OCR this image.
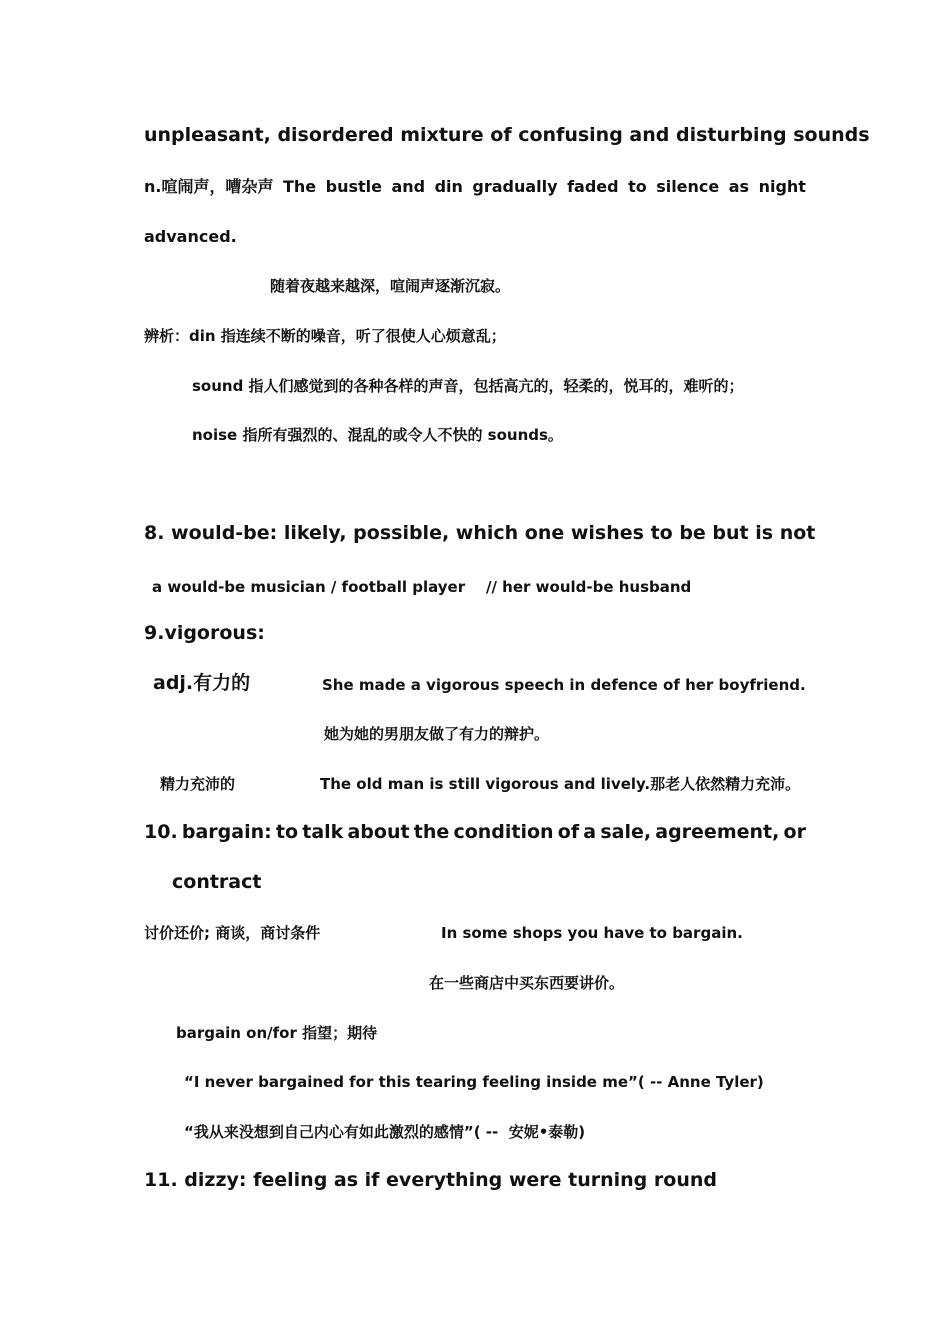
unpleasant, disordered mixture of confusing and disturbing sounds
n.喧闹声，嘈杂声 The bustle and din gradually faded to silence as night
advanced.
随着夜越来越深，喧闹声逐渐沉寂。
辨析：din 指连续不断的噪音，听了很使人心烦意乱；
sound 指人们感觉到的各种各样的声音，包括高亢的，轻柔的，悦耳的，难听的；
noise 指所有强烈的、混乱的或令人不快的 sounds。
8. would-be: likely, possible, which one wishes to be but is not
a would-be musician / football player    // her would-be husband
9.vigorous:
adj.有力的	She made a vigorous speech in defence of her boyfriend.
她为她的男朋友做了有力的辩护。
精力充沛的	The old man is still vigorous and lively.那老人依然精力充沛。
10. bargain: to talk about the condition of a sale, agreement, or
contract
讨价还价; 商谈，商讨条件	In some shops you have to bargain.
在一些商店中买东西要讲价。
bargain on/for 指望；期待
“I never bargained for this tearing feeling inside me”( -- Anne Tyler)
“我从来没想到自己内心有如此激烈的感情”( --  安妮•泰勒)
11. dizzy: feeling as if everything were turning round
